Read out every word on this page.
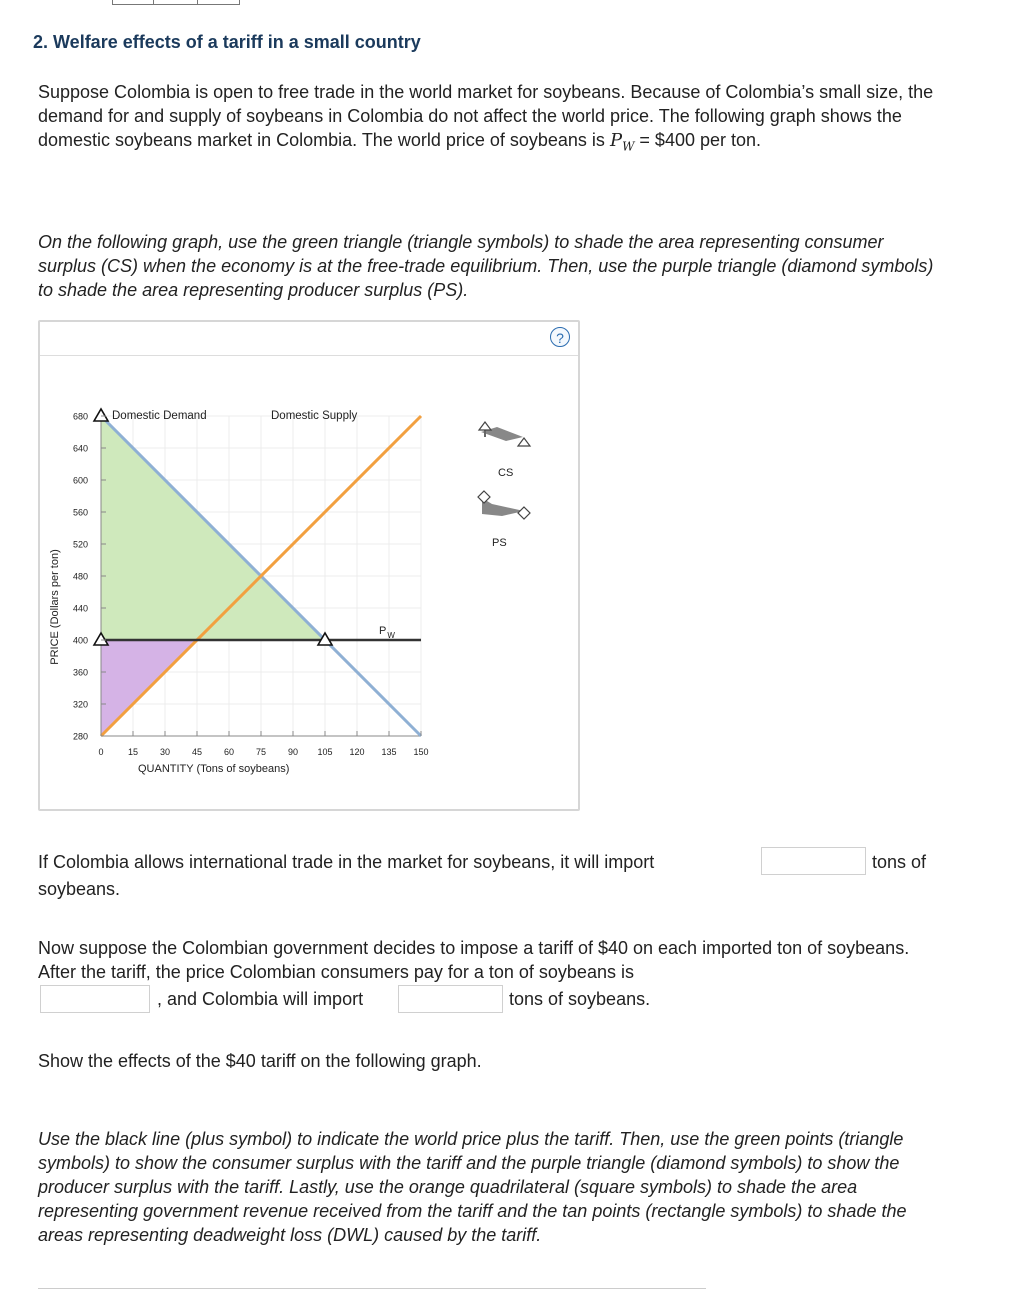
2. Welfare effects of a tariff in a small country
Suppose Colombia is open to free trade in the world market for soybeans. Because of Colombia’s small size, the demand for and supply of soybeans in Colombia do not affect the world price. The following graph shows the domestic soybeans market in Colombia. The world price of soybeans is $P_W$ = $400 per ton.
On the following graph, use the green triangle (triangle symbols) to shade the area representing consumer surplus (CS) when the economy is at the free-trade equilibrium. Then, use the purple triangle (diamond symbols) to shade the area representing producer surplus (PS).
?
Domestic Demand	Domestic Supply
$P_W$
280
320
360
400
440
480
520
560
600
640
680
0	15 30 45 60 75 90 105 120 135 150
QUANTITY (Tons of soybeans)
PRICE (Dollars per ton)
CS
PS
If Colombia allows international trade in the market for soybeans, it will import	tons of
soybeans.
Now suppose the Colombian government decides to impose a tariff of $40 on each imported ton of soybeans. After the tariff, the price Colombian consumers pay for a ton of soybeans is
, and Colombia will import	tons of soybeans.
Show the effects of the $40 tariff on the following graph.
Use the black line (plus symbol) to indicate the world price plus the tariff. Then, use the green points (triangle symbols) to show the consumer surplus with the tariff and the purple triangle (diamond symbols) to show the producer surplus with the tariff. Lastly, use the orange quadrilateral (square symbols) to shade the area representing government revenue received from the tariff and the tan points (rectangle symbols) to shade the areas representing deadweight loss (DWL) caused by the tariff.
